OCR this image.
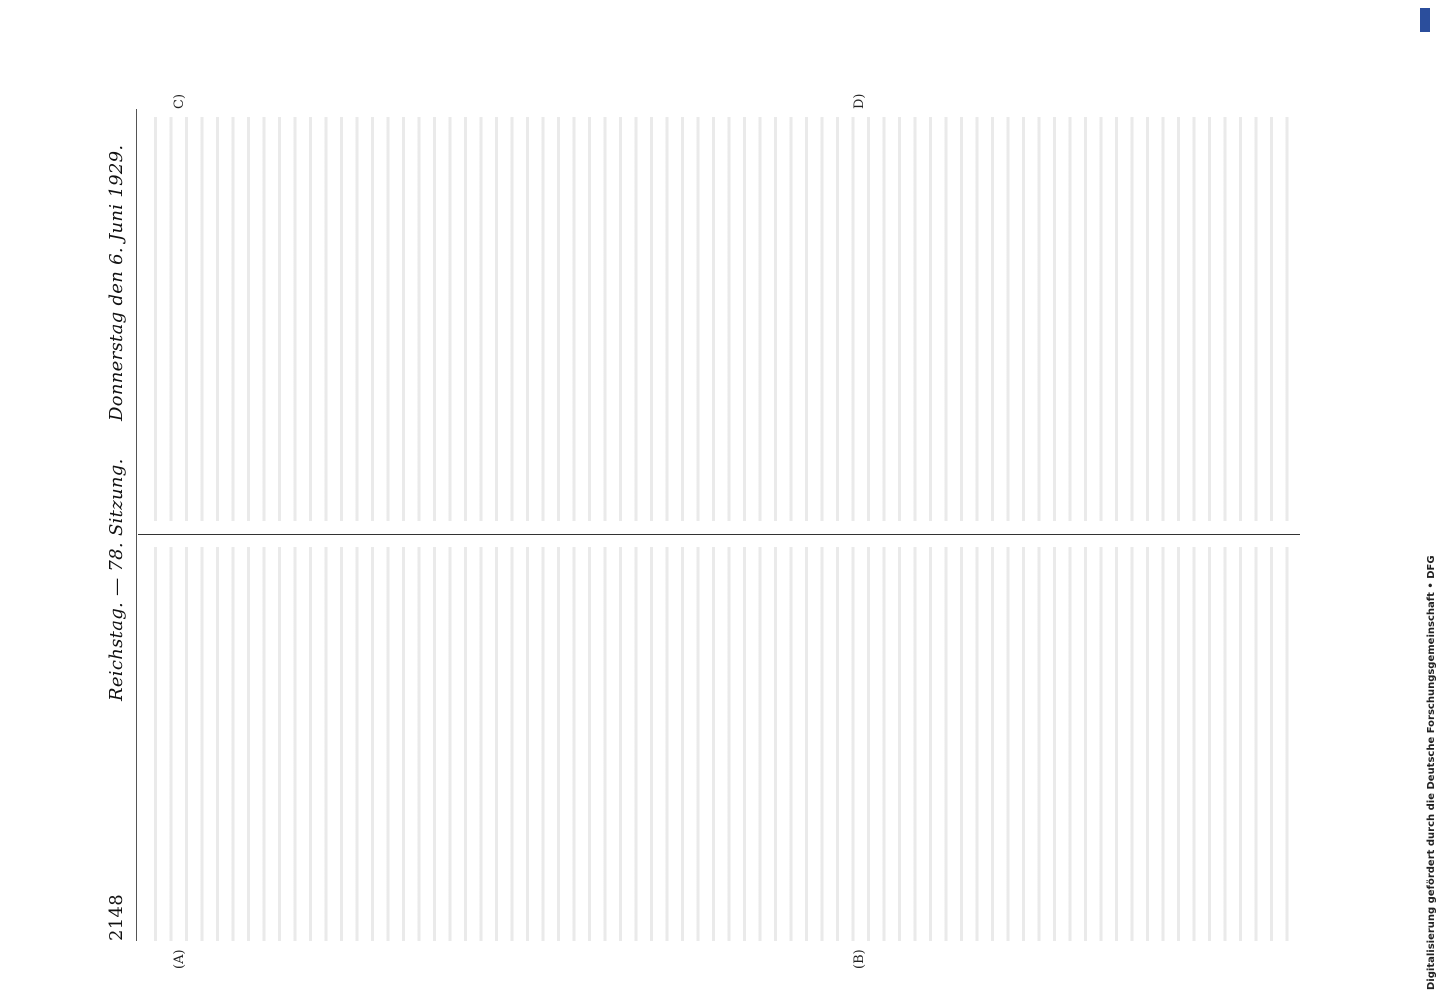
2148
Reichstag. — 78. Sitzung.
Donnerstag den 6. Juni 1929.
(A)	(B)
C)	D)
Digitalisierung gefördert durch die Deutsche Forschungsgemeinschaft • DFG
